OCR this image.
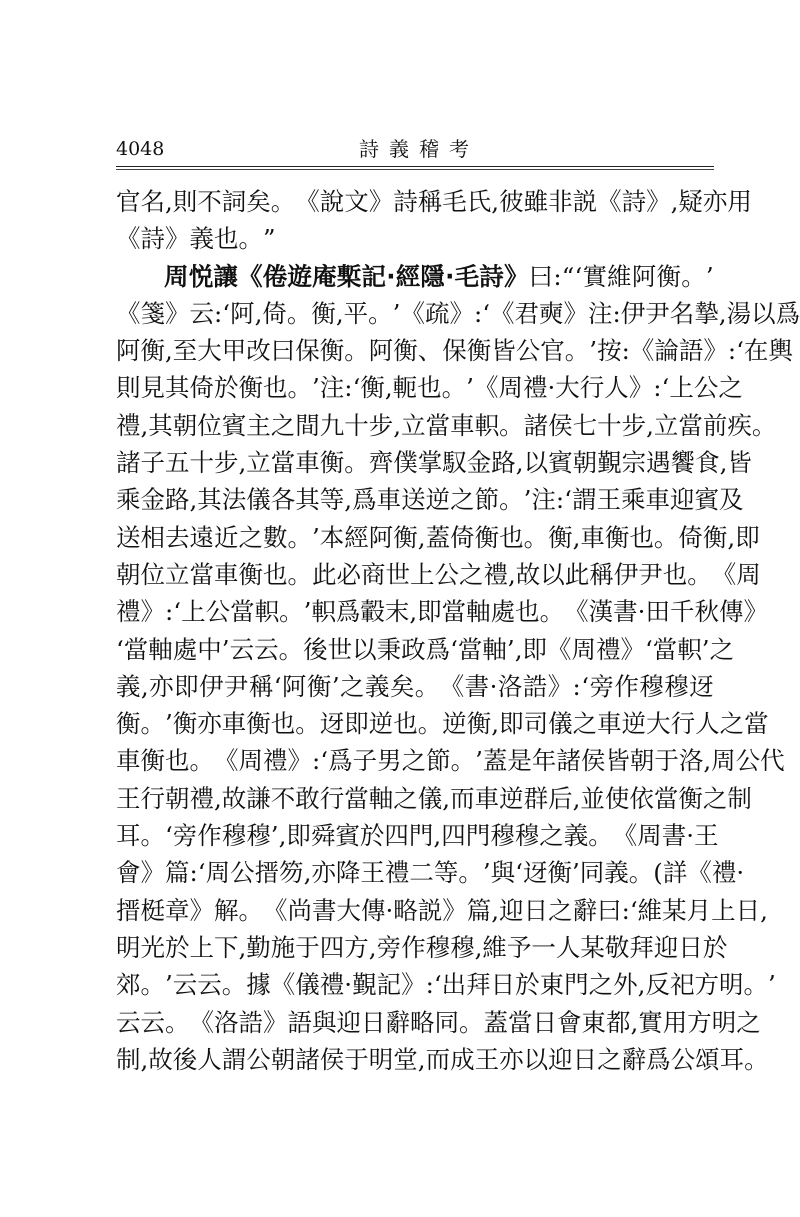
4048	詩義稽考
官 名 , 則 不 詞 矣 。 《 說 文 》 詩 稱 毛 氏 , 彼 雖 非 説 《 詩 》 , 疑 亦 用
《 詩 》 義 也 。 ”
周 悦 讓 《 倦 遊 庵 槧 記 · 經 隱 · 毛 詩 》 曰 : “ ‘ 實 維 阿 衡 。 ’
《 箋 》 云 : ‘ 阿 , 倚 。 衡 , 平 。 ’ 《 疏 》 : ‘ 《 君 奭 》 注 : 伊 尹 名 摯 , 湯 以 爲
阿 衡 , 至 大 甲 改 曰 保 衡 。 阿 衡 、 保 衡 皆 公 官 。 ’ 按 : 《 論 語 》 : ‘ 在 輿
則 見 其 倚 於 衡 也 。 ’ 注 : ‘ 衡 , 軛 也 。 ’ 《 周 禮 · 大 行 人 》 : ‘ 上 公 之
禮 , 其 朝 位 賓 主 之 間 九 十 步 , 立 當 車 軹 。 諸 侯 七 十 步 , 立 當 前 疾 。
諸 子 五 十 步 , 立 當 車 衡 。 齊 僕 掌 馭 金 路 , 以 賓 朝 覲 宗 遇 饗 食 , 皆
乘 金 路 , 其 法 儀 各 其 等 , 爲 車 送 逆 之 節 。 ’ 注 : ‘ 謂 王 乘 車 迎 賓 及
送 相 去 遠 近 之 數 。 ’ 本 經 阿 衡 , 蓋 倚 衡 也 。 衡 , 車 衡 也 。 倚 衡 , 即
朝 位 立 當 車 衡 也 。 此 必 商 世 上 公 之 禮 , 故 以 此 稱 伊 尹 也 。 《 周
禮 》 : ‘ 上 公 當 軹 。 ’ 軹 爲 轂 末 , 即 當 軸 處 也 。 《 漢 書 · 田 千 秋 傳 》
‘ 當 軸 處 中 ’ 云 云 。 後 世 以 秉 政 爲 ‘ 當 軸 ’ , 即 《 周 禮 》 ‘ 當 軹 ’ 之
義 , 亦 即 伊 尹 稱 ‘ 阿 衡 ’ 之 義 矣 。 《 書 · 洛 誥 》 : ‘ 旁 作 穆 穆 迓
衡 。 ’ 衡 亦 車 衡 也 。 迓 即 逆 也 。 逆 衡 , 即 司 儀 之 車 逆 大 行 人 之 當
車 衡 也 。 《 周 禮 》 : ‘ 爲 子 男 之 節 。 ’ 蓋 是 年 諸 侯 皆 朝 于 洛 , 周 公 代
王 行 朝 禮 , 故 謙 不 敢 行 當 軸 之 儀 , 而 車 逆 群 后 , 並 使 依 當 衡 之 制
耳 。 ‘ 旁 作 穆 穆 ’ , 即 舜 賓 於 四 門 , 四 門 穆 穆 之 義 。 《 周 書 · 王
會 》 篇 : ‘ 周 公 搢 笏 , 亦 降 王 禮 二 等 。 ’ 與 ‘ 迓 衡 ’ 同 義 。 ( 詳 《 禮 ·
搢 梃 章 》 解 。 《 尚 書 大 傳 · 略 説 》 篇 , 迎 日 之 辭 曰 : ‘ 維 某 月 上 日 ,
明 光 於 上 下 , 勤 施 于 四 方 , 旁 作 穆 穆 , 維 予 一 人 某 敬 拜 迎 日 於
郊 。 ’ 云 云 。 據 《 儀 禮 · 覲 記 》 : ‘ 出 拜 日 於 東 門 之 外 , 反 祀 方 明 。 ’
云 云 。 《 洛 誥 》 語 與 迎 日 辭 略 同 。 蓋 當 日 會 東 都 , 實 用 方 明 之
制 , 故 後 人 謂 公 朝 諸 侯 于 明 堂 , 而 成 王 亦 以 迎 日 之 辭 爲 公 頌 耳 。
